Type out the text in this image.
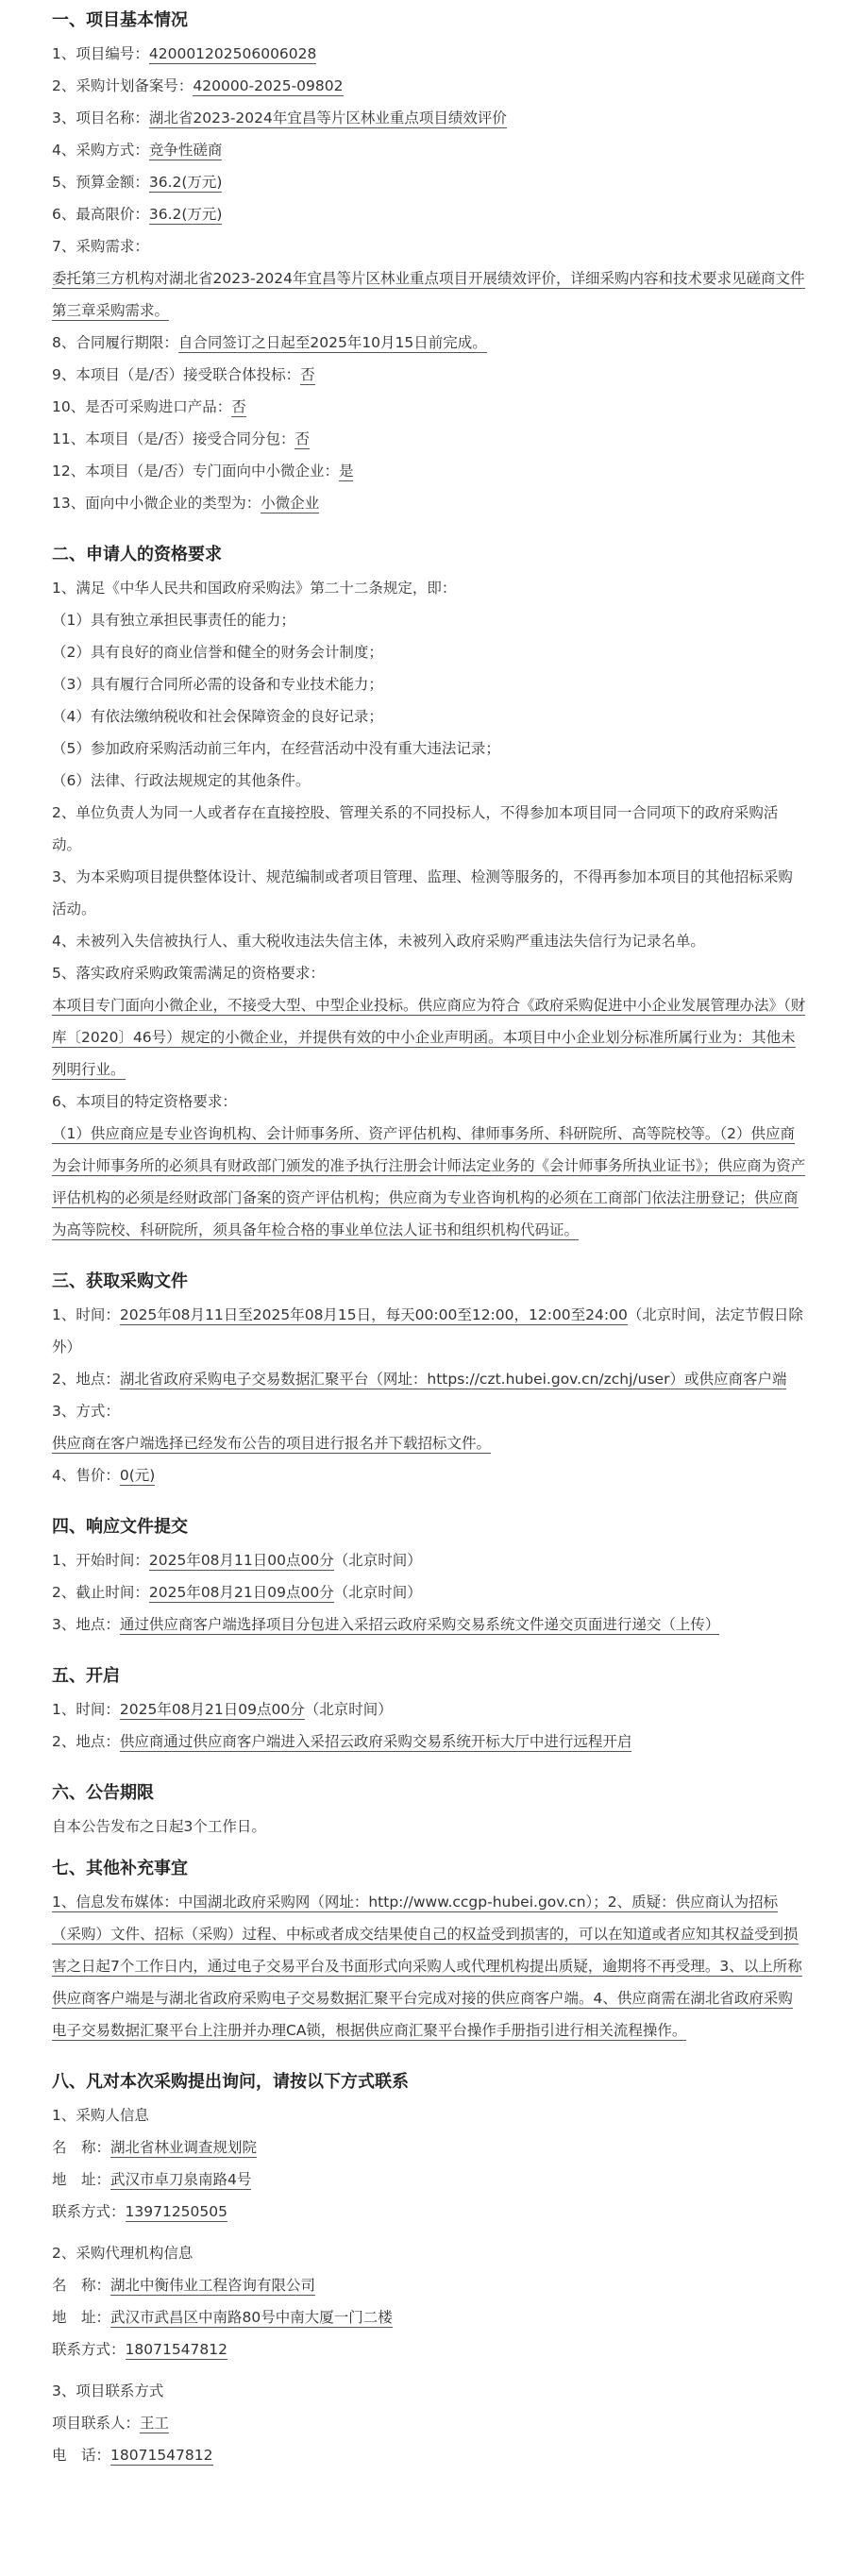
一、项目基本情况
1、项目编号：420001202506006028
2、采购计划备案号：420000-2025-09802
3、项目名称：湖北省2023-2024年宜昌等片区林业重点项目绩效评价
4、采购方式：竞争性磋商
5、预算金额：36.2(万元)
6、最高限价：36.2(万元)
7、采购需求：
委托第三方机构对湖北省2023-2024年宜昌等片区林业重点项目开展绩效评价，详细采购内容和技术要求见磋商文件第三章采购需求。
8、合同履行期限：自合同签订之日起至2025年10月15日前完成。
9、本项目（是/否）接受联合体投标：否
10、是否可采购进口产品：否
11、本项目（是/否）接受合同分包：否
12、本项目（是/否）专门面向中小微企业：是
13、面向中小微企业的类型为：小微企业
二、申请人的资格要求
1、满足《中华人民共和国政府采购法》第二十二条规定，即：
（1）具有独立承担民事责任的能力；
（2）具有良好的商业信誉和健全的财务会计制度；
（3）具有履行合同所必需的设备和专业技术能力；
（4）有依法缴纳税收和社会保障资金的良好记录；
（5）参加政府采购活动前三年内，在经营活动中没有重大违法记录；
（6）法律、行政法规规定的其他条件。
2、单位负责人为同一人或者存在直接控股、管理关系的不同投标人，不得参加本项目同一合同项下的政府采购活动。
3、为本采购项目提供整体设计、规范编制或者项目管理、监理、检测等服务的，不得再参加本项目的其他招标采购活动。
4、未被列入失信被执行人、重大税收违法失信主体，未被列入政府采购严重违法失信行为记录名单。
5、落实政府采购政策需满足的资格要求：
本项目专门面向小微企业，不接受大型、中型企业投标。供应商应为符合《政府采购促进中小企业发展管理办法》（财库〔2020〕46号）规定的小微企业，并提供有效的中小企业声明函。本项目中小企业划分标准所属行业为：其他未列明行业。
6、本项目的特定资格要求：
（1）供应商应是专业咨询机构、会计师事务所、资产评估机构、律师事务所、科研院所、高等院校等。（2）供应商为会计师事务所的必须具有财政部门颁发的准予执行注册会计师法定业务的《会计师事务所执业证书》；供应商为资产评估机构的必须是经财政部门备案的资产评估机构；供应商为专业咨询机构的必须在工商部门依法注册登记；供应商为高等院校、科研院所，须具备年检合格的事业单位法人证书和组织机构代码证。
三、获取采购文件
1、时间：2025年08月11日至2025年08月15日，每天00:00至12:00，12:00至24:00（北京时间，法定节假日除外）
2、地点：湖北省政府采购电子交易数据汇聚平台（网址：https://czt.hubei.gov.cn/zchj/user）或供应商客户端
3、方式：
供应商在客户端选择已经发布公告的项目进行报名并下载招标文件。
4、售价：0(元)
四、响应文件提交
1、开始时间：2025年08月11日00点00分（北京时间）
2、截止时间：2025年08月21日09点00分（北京时间）
3、地点：通过供应商客户端选择项目分包进入采招云政府采购交易系统文件递交页面进行递交（上传）
五、开启
1、时间：2025年08月21日09点00分（北京时间）
2、地点：供应商通过供应商客户端进入采招云政府采购交易系统开标大厅中进行远程开启
六、公告期限
自本公告发布之日起3个工作日。
七、其他补充事宜
1、信息发布媒体：中国湖北政府采购网（网址：http://www.ccgp-hubei.gov.cn）；2、质疑：供应商认为招标（采购）文件、招标（采购）过程、中标或者成交结果使自己的权益受到损害的，可以在知道或者应知其权益受到损害之日起7个工作日内，通过电子交易平台及书面形式向采购人或代理机构提出质疑，逾期将不再受理。3、以上所称供应商客户端是与湖北省政府采购电子交易数据汇聚平台完成对接的供应商客户端。4、供应商需在湖北省政府采购电子交易数据汇聚平台上注册并办理CA锁，根据供应商汇聚平台操作手册指引进行相关流程操作。
八、凡对本次采购提出询问，请按以下方式联系
1、采购人信息
名　称：湖北省林业调查规划院
地　址：武汉市卓刀泉南路4号
联系方式：13971250505
2、采购代理机构信息
名　称：湖北中衡伟业工程咨询有限公司
地　址：武汉市武昌区中南路80号中南大厦一门二楼
联系方式：18071547812
3、项目联系方式
项目联系人：王工
电　话：18071547812
